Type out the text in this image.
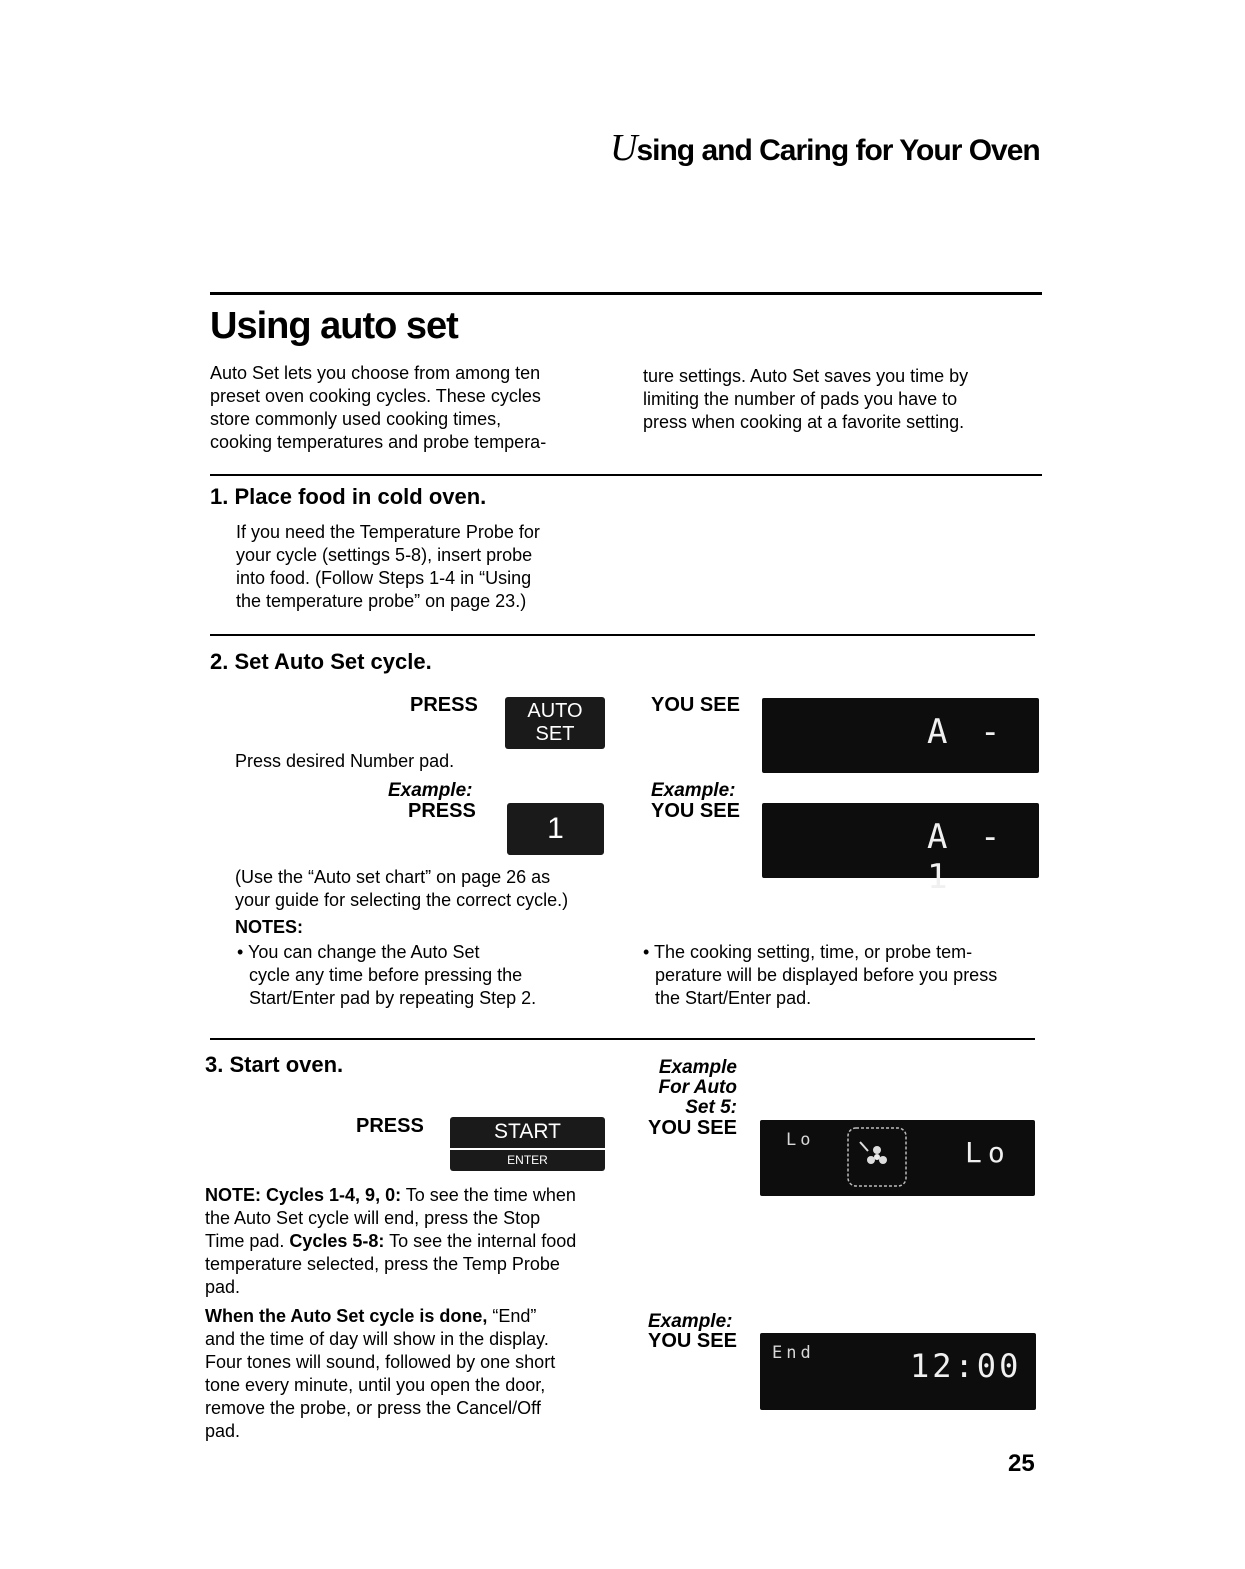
Using and Caring for Your Oven
Using auto set
Auto Set lets you choose from among ten
preset oven cooking cycles. These cycles
store commonly used cooking times,
cooking temperatures and probe tempera-
ture settings. Auto Set saves you time by
limiting the number of pads you have to
press when cooking at a favorite setting.
1. Place food in cold oven.
If you need the Temperature Probe for
your cycle (settings 5-8), insert probe
into food. (Follow Steps 1-4 in “Using
the temperature probe” on page 23.)
2. Set Auto Set cycle.
PRESS AUTO
SET
YOU SEE
A -
Press desired Number pad.
Example:
PRESS
1
Example:
YOU SEE
A - 1
(Use the “Auto set chart” on page 26 as
your guide for selecting the correct cycle.)
NOTES:
• You can change the Auto Set
cycle any time before pressing the
Start/Enter pad by repeating Step 2.
• The cooking setting, time, or probe tem-
perature will be displayed before you press
the Start/Enter pad.
3. Start oven.
PRESS	START
ENTER
Example
For Auto
Set 5:
YOU SEE
Lo	Lo
NOTE: Cycles 1-4, 9, 0: To see the time when
the Auto Set cycle will end, press the Stop
Time pad. Cycles 5-8: To see the internal food
temperature selected, press the Temp Probe
pad.
When the Auto Set cycle is done, “End”
and the time of day will show in the display.
Four tones will sound, followed by one short
tone every minute, until you open the door,
remove the probe, or press the Cancel/Off
pad.
Example:
YOU SEE
End	12:00
25
